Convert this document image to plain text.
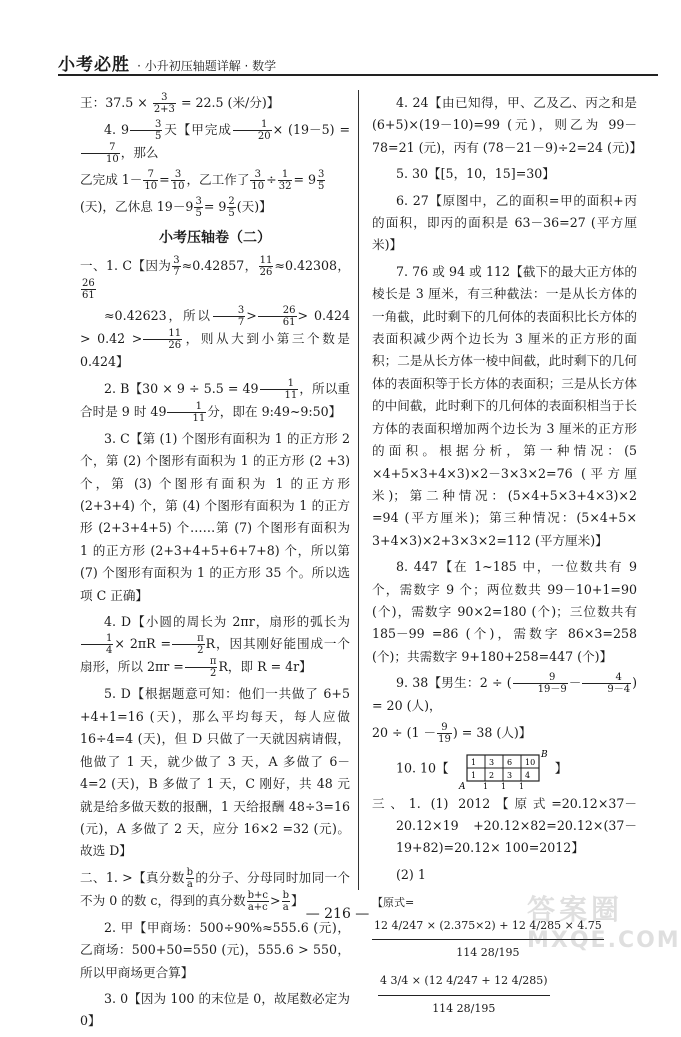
小考必胜 · 小升初压轴题详解 · 数学
王：$37.5 \times \frac{3}{2+3} = 22.5$ (米/分)】
4. $9 \frac{3}{5}$ 天【甲完成 $\frac{1}{20} \times (19-5)$ =
$\frac{7}{10}$ ，那么
乙完成 $1- \frac{7}{10} = \frac{3}{10}$ ，乙工作了 $\frac{3}{10} \div \frac{1}{32} = 9 \frac{3}{5}$
(天)，乙休息 $19-9 \frac{3}{5} = 9 \frac{2}{5}$ (天)】
小考压轴卷（二）
一、1. C【因为 $\frac{3}{7} \approx 0.42857$， $\frac{11}{26} \approx 0.42308$，
$\frac{26}{61}$
≈0.42623，所以 $\frac{3}{7} > \frac{26}{61} > 0.424$ > 0.4̇2̇ > $\frac{11}{26}$ ，则从大到小第三个数是 0.424】
2. B【$30 \times 9 \div 5.5 = 49 \frac{1}{11}$ ，所以重合时是 9 时 $49 \frac{1}{11}$ 分，即在 9:49~9:50】
3. C【第 (1) 个图形有面积为 1 的正方形 2 个，第 (2) 个图形有面积为 1 的正方形 (2 +3) 个，第 (3) 个图形有面积为 1 的正方形 (2+3+4) 个，第 (4) 个图形有面积为 1 的正方形 (2+3+4+5) 个……第 (7) 个图形有面积为 1 的正方形 (2+3+4+5+6+7+8) 个，所以第 (7) 个图形有面积为 1 的正方形 35 个。所以选项 C 正确】
4. D【小圆的周长为 2πr，扇形的弧长为
$\frac{1}{4} \times 2\pi R = \frac{\pi}{2}$ R，因其刚好能围成一个扇形，所以 $2\pi r = \frac{\pi}{2}$ R，即 R = 4r】
5. D【根据题意可知：他们一共做了 6+5 +4+1=16 (天)，那么平均每天，每人应做 16÷4=4 (天)，但 D 只做了一天就因病请假，他做了 1 天，就少做了 3 天，A 多做了 6－4=2 (天)，B 多做了 1 天，C 刚好，共 48 元就是给多做天数的报酬，1 天给报酬 48÷3=16 (元)，A 多做了 2 天，应分 16×2 =32 (元)。故选 D】
二、1. >【真分数 $\frac{b}{a}$ 的分子、分母同时加同一个不为 0 的数 c，得到的真分数 $\frac{b+c}{a+c} > \frac{b}{a}$ 】
2. 甲【甲商场：500÷90%≈555.6 (元)，乙商场：500+50=550 (元)，555.6 > 550，所以甲商场更合算】
3. 0【因为 100 的末位是 0，故尾数必定为 0】
4. 24【由已知得，甲、乙及乙、丙之和是 (6+5)×(19－10)=99 (元)，则乙为 99－78=21 (元)，丙有 (78－21－9)÷2=24 (元)】
5. 30【[5，10，15]=30】
6. 27【原图中，乙的面积=甲的面积+丙的面积，即丙的面积是 63－36=27 (平方厘米)】
7. 76 或 94 或 112【截下的最大正方体的棱长是 3 厘米，有三种截法：一是从长方体的一角截，此时剩下的几何体的表面积比长方体的表面积减少两个边长为 3 厘米的正方形的面积；二是从长方体一棱中间截，此时剩下的几何体的表面积等于长方体的表面积；三是从长方体的中间截，此时剩下的几何体的表面积相当于长方体的表面积增加两个边长为 3 厘米的正方形的面积。根据分析，第一种情况：(5 ×4+5×3+4×3)×2－3×3×2=76 (平方厘米)；第二种情况：(5×4+5×3+4×3)×2 =94 (平方厘米)；第三种情况：(5×4+5× 3+4×3)×2+3×3×2=112 (平方厘米)】
8. 447【在 1~185 中，一位数共有 9 个，需数字 9 个；两位数共 99－10+1=90 (个)，需数字 90×2=180 (个)；三位数共有 185－99 =86 (个)，需数字 86×3=258 (个)；共需数字 9+180+258=447 (个)】
9. 38【男生：2 ÷ ( $\frac{9}{19-9} - \frac{4}{9-4}$ ) = 20 (人)，
$20 \div (1 - \frac{9}{19}$ ) = 38 (人)】
10. 10【
B
A
1 3 6 10
1 2 3 4
1 1 1
】
三、1. (1) 2012【原式=20.12×37－20.12×19 +20.12×82=20.12×(37－19+82)=20.12× 100=2012】
(2) 1
【原式=
$\frac{12 4/247 \times (2.375\times 2) + 12 4/285 \times 4.75}{114 28/195}$
$\frac{4 3/4 \times (12 4/247 + 12 4/285)}{114 28/195}$
— 216 —	答案圈
MXQE.COM
